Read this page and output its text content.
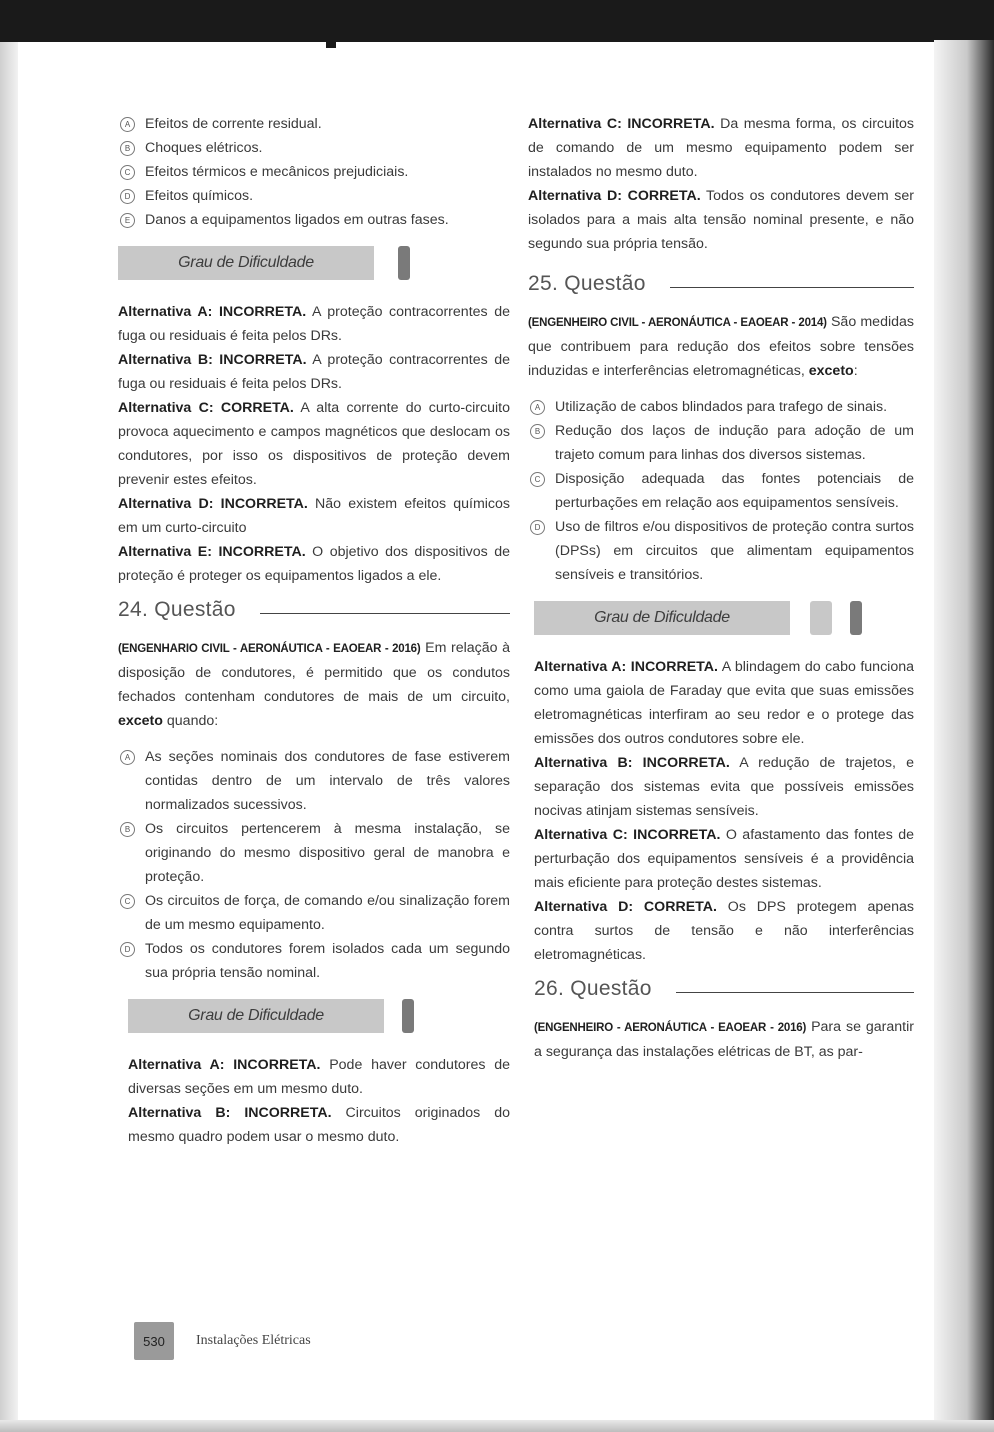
A	Efeitos de corrente residual.

B	Choques elétricos.

C	Efeitos térmicos e mecânicos prejudiciais.

D	Efeitos químicos.

E	Danos a equipamentos ligados em outras fases.

Grau de Dificuldade

Alternativa A: INCORRETA. A proteção contracorrentes de fuga ou residuais é feita pelos DRs.

Alternativa B: INCORRETA. A proteção contracorrentes de fuga ou residuais é feita pelos DRs.

Alternativa C: CORRETA. A alta corrente do curto-circuito provoca aquecimento e campos magnéticos que deslocam os condutores, por isso os dispositivos de proteção devem prevenir estes efeitos.

Alternativa D: INCORRETA. Não existem efeitos químicos em um curto-circuito

Alternativa E: INCORRETA. O objetivo dos dispositivos de proteção é proteger os equipamentos ligados a ele.

24. Questão

(ENGENHARIO CIVIL - AERONÁUTICA - EAOEAR - 2016) Em relação à disposição de condutores, é permitido que os condutos fechados contenham condutores de mais de um circuito, exceto quando:

A	As seções nominais dos condutores de fase estiverem contidas dentro de um intervalo de três valores normalizados sucessivos.

B	Os circuitos pertencerem à mesma instalação, se originando do mesmo dispositivo geral de manobra e proteção.

C	Os circuitos de força, de comando e/ou sinalização forem de um mesmo equipamento.

D	Todos os condutores forem isolados cada um segundo sua própria tensão nominal.

Grau de Dificuldade

Alternativa A: INCORRETA. Pode haver condutores de diversas seções em um mesmo duto.

Alternativa B: INCORRETA. Circuitos originados do mesmo quadro podem usar o mesmo duto.

Alternativa C: INCORRETA. Da mesma forma, os circuitos de comando de um mesmo equipamento podem ser instalados no mesmo duto.

Alternativa D: CORRETA. Todos os condutores devem ser isolados para a mais alta tensão nominal presente, e não segundo sua própria tensão.

25. Questão

(ENGENHEIRO CIVIL - AERONÁUTICA - EAOEAR - 2014) São medidas que contribuem para redução dos efeitos sobre tensões induzidas e interferências eletromagnéticas, exceto:

A	Utilização de cabos blindados para trafego de sinais.

B	Redução dos laços de indução para adoção de um trajeto comum para linhas dos diversos sistemas.

C	Disposição adequada das fontes potenciais de perturbações em relação aos equipamentos sensíveis.

D	Uso de filtros e/ou dispositivos de proteção contra surtos (DPSs) em circuitos que alimentam equipamentos sensíveis e transitórios.

Grau de Dificuldade

Alternativa A: INCORRETA. A blindagem do cabo funciona como uma gaiola de Faraday que evita que suas emissões eletromagnéticas interfiram ao seu redor e o protege das emissões dos outros condutores sobre ele.

Alternativa B: INCORRETA. A redução de trajetos, e separação dos sistemas evita que possíveis emissões nocivas atinjam sistemas sensíveis.

Alternativa C: INCORRETA. O afastamento das fontes de perturbação dos equipamentos sensíveis é a providência mais eficiente para proteção destes sistemas.

Alternativa D: CORRETA. Os DPS protegem apenas contra surtos de tensão e não interferências eletromagnéticas.

26. Questão

(ENGENHEIRO - AERONÁUTICA - EAOEAR - 2016) Para se garantir a segurança das instalações elétricas de BT, as par-

530	Instalações Elétricas
